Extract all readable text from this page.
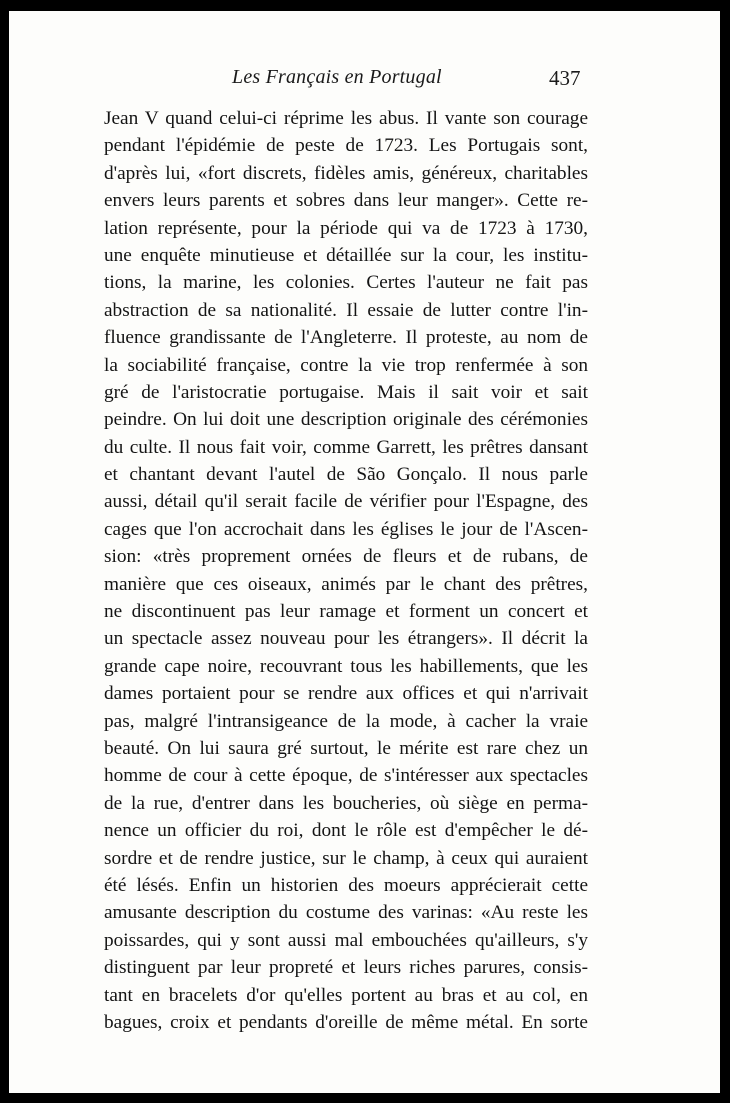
Les Français en Portugal	437
Jean V quand celui-ci réprime les abus. Il vante son courage
pendant l'épidémie de peste de 1723. Les Portugais sont,
d'après lui, «fort discrets, fidèles amis, généreux, charitables
envers leurs parents et sobres dans leur manger». Cette re-
lation représente, pour la période qui va de 1723 à 1730,
une enquête minutieuse et détaillée sur la cour, les institu-
tions, la marine, les colonies. Certes l'auteur ne fait pas
abstraction de sa nationalité. Il essaie de lutter contre l'in-
fluence grandissante de l'Angleterre. Il proteste, au nom de
la sociabilité française, contre la vie trop renfermée à son
gré de l'aristocratie portugaise. Mais il sait voir et sait
peindre. On lui doit une description originale des cérémonies
du culte. Il nous fait voir, comme Garrett, les prêtres dansant
et chantant devant l'autel de São Gonçalo. Il nous parle
aussi, détail qu'il serait facile de vérifier pour l'Espagne, des
cages que l'on accrochait dans les églises le jour de l'Ascen-
sion: «très proprement ornées de fleurs et de rubans, de
manière que ces oiseaux, animés par le chant des prêtres,
ne discontinuent pas leur ramage et forment un concert et
un spectacle assez nouveau pour les étrangers». Il décrit la
grande cape noire, recouvrant tous les habillements, que les
dames portaient pour se rendre aux offices et qui n'arrivait
pas, malgré l'intransigeance de la mode, à cacher la vraie
beauté. On lui saura gré surtout, le mérite est rare chez un
homme de cour à cette époque, de s'intéresser aux spectacles
de la rue, d'entrer dans les boucheries, où siège en perma-
nence un officier du roi, dont le rôle est d'empêcher le dé-
sordre et de rendre justice, sur le champ, à ceux qui auraient
été lésés. Enfin un historien des moeurs apprécierait cette
amusante description du costume des varinas: «Au reste les
poissardes, qui y sont aussi mal embouchées qu'ailleurs, s'y
distinguent par leur propreté et leurs riches parures, consis-
tant en bracelets d'or qu'elles portent au bras et au col, en
bagues, croix et pendants d'oreille de même métal. En sorte
